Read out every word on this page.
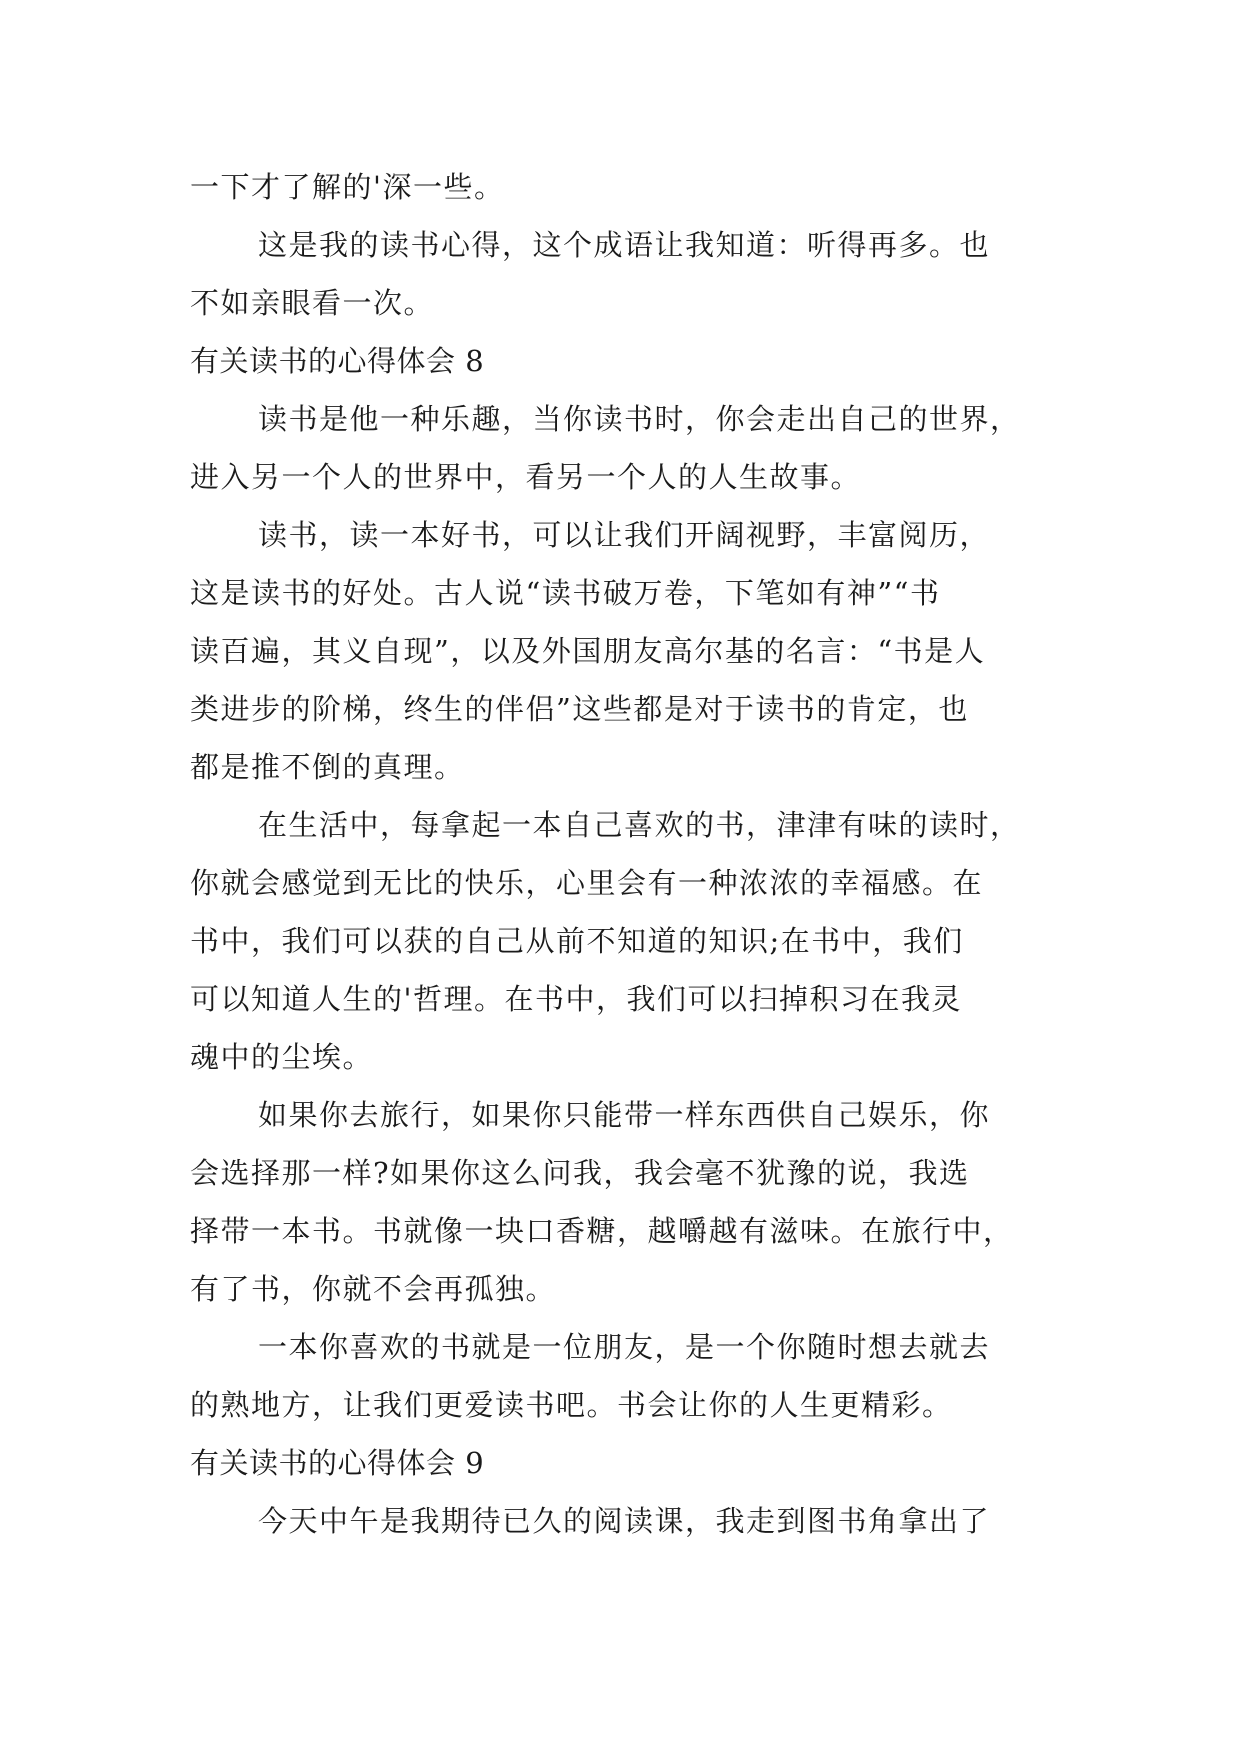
一下才了解的'深一些。
这是我的读书心得，这个成语让我知道：听得再多。也
不如亲眼看一次。
有关读书的心得体会 8
读书是他一种乐趣，当你读书时，你会走出自己的世界，
进入另一个人的世界中，看另一个人的人生故事。
读书，读一本好书，可以让我们开阔视野，丰富阅历，
这是读书的好处。古人说“读书破万卷，下笔如有神”“书
读百遍，其义自现”，以及外国朋友高尔基的名言：“书是人
类进步的阶梯，终生的伴侣”这些都是对于读书的肯定，也
都是推不倒的真理。
在生活中，每拿起一本自己喜欢的书，津津有味的读时，
你就会感觉到无比的快乐，心里会有一种浓浓的幸福感。在
书中，我们可以获的自己从前不知道的知识;在书中，我们
可以知道人生的'哲理。在书中，我们可以扫掉积习在我灵
魂中的尘埃。
如果你去旅行，如果你只能带一样东西供自己娱乐，你
会选择那一样?如果你这么问我，我会毫不犹豫的说，我选
择带一本书。书就像一块口香糖，越嚼越有滋味。在旅行中，
有了书，你就不会再孤独。
一本你喜欢的书就是一位朋友，是一个你随时想去就去
的熟地方，让我们更爱读书吧。书会让你的人生更精彩。
有关读书的心得体会 9
今天中午是我期待已久的阅读课，我走到图书角拿出了
